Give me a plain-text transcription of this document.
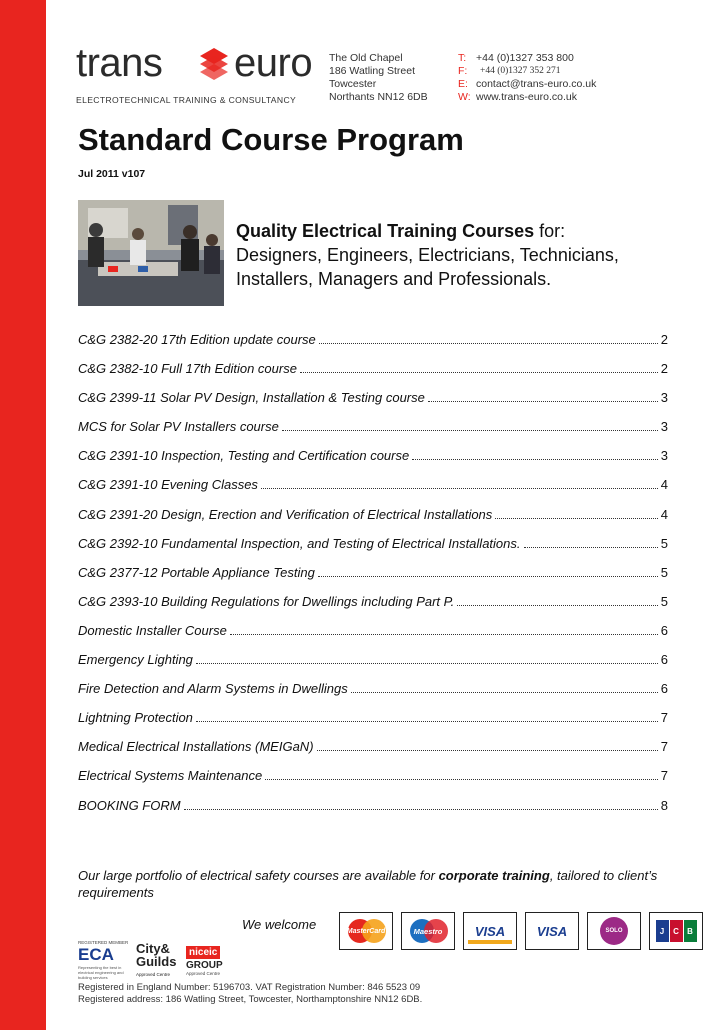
trans euro
ELECTROTECHNICAL TRAINING & CONSULTANCY
The Old Chapel
186 Watling Street
Towcester
Northants NN12 6DB
T: +44 (0)1327 353 800
F:	+44 (0)1327 352 271
E: contact@trans-euro.co.uk
W: www.trans-euro.co.uk
Standard Course Program
Jul 2011 v107
Quality Electrical Training Courses for:
Designers, Engineers, Electricians, Technicians, Installers, Managers and Professionals.
C&G 2382-20 17th Edition update course	2
C&G 2382-10 Full 17th Edition course	2
C&G 2399-11 Solar PV Design, Installation & Testing course	3
MCS for Solar PV Installers course	3
C&G 2391-10 Inspection, Testing and Certification course	3
C&G 2391-10 Evening Classes	4
C&G 2391-20 Design, Erection and Verification of Electrical Installations	4
C&G 2392-10 Fundamental Inspection, and Testing of Electrical Installations.	5
C&G 2377-12 Portable Appliance Testing	5
C&G 2393-10 Building Regulations for Dwellings including Part P.	5
Domestic Installer Course	6
Emergency Lighting	6
Fire Detection and Alarm Systems in Dwellings	6
Lightning Protection	7
Medical Electrical Installations (MEIGaN)	7
Electrical Systems Maintenance	7
BOOKING FORM	8
Our large portfolio of electrical safety courses are available for corporate training, tailored to client’s requirements
We welcome	MasterCard	Maestro VISA VISA	SOLO	J	C	B
REGISTERED MEMBER
ECA
Representing the best in electrical engineering and building services
City&
Guilds
Approved Centre
niceic
GROUP
Approved Centre
Registered in England Number: 5196703. VAT Registration Number: 846 5523 09
Registered address: 186 Watling Street, Towcester, Northamptonshire NN12 6DB.
